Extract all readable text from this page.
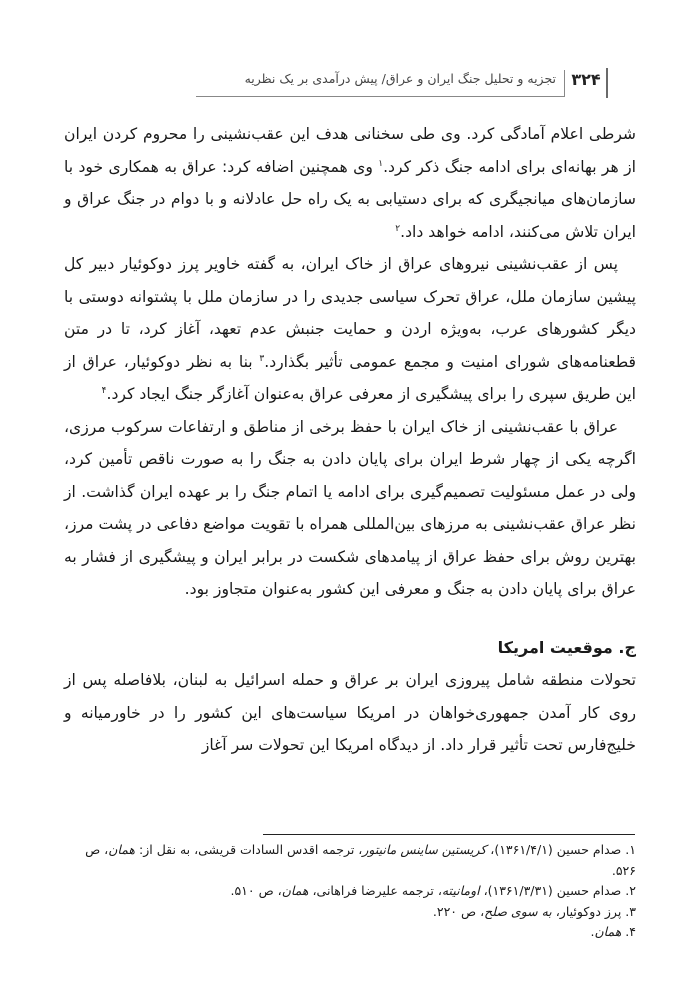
۳۲۴
تجزیه و تحلیل جنگ ایران و عراق/ پیش درآمدی بر یک نظریه

شرطی اعلام آمادگی کرد. وی طی سخنانی هدف این عقب‌نشینی را محروم کردن ایران از هر بهانه‌ای برای ادامه جنگ ذکر کرد.$^۱$ وی همچنین اضافه کرد: عراق به همکاری خود با سازمان‌های میانجیگری که برای دستیابی به یک راه حل عادلانه و با دوام در جنگ عراق و ایران تلاش می‌کنند، ادامه خواهد داد.$^۲$

پس از عقب‌نشینی نیروهای عراق از خاک ایران، به گفته خاویر پرز دوکوئیار دبیر کل پیشین سازمان ملل، عراق تحرک سیاسی جدیدی را در سازمان ملل با پشتوانه دوستی با دیگر کشورهای عرب، به‌ویژه اردن و حمایت جنبش عدم تعهد، آغاز کرد، تا در متن قطعنامه‌های شورای امنیت و مجمع عمومی تأثیر بگذارد.$^۳$ بنا به نظر دوکوئیار، عراق از این طریق سپری را برای پیشگیری از معرفی عراق به‌عنوان آغازگر جنگ ایجاد کرد.$^۴$

عراق با عقب‌نشینی از خاک ایران با حفظ برخی از مناطق و ارتفاعات سرکوب مرزی، اگرچه یکی از چهار شرط ایران برای پایان دادن به جنگ را به صورت ناقص تأمین کرد، ولی در عمل مسئولیت تصمیم‌گیری برای ادامه یا اتمام جنگ را بر عهده ایران گذاشت. از نظر عراق عقب‌نشینی به مرزهای بین‌المللی همراه با تقویت مواضع دفاعی در پشت مرز، بهترین روش برای حفظ عراق از پیامدهای شکست در برابر ایران و پیشگیری از فشار به عراق برای پایان دادن به جنگ و معرفی این کشور به‌عنوان متجاوز بود.

ج. موقعیت امریکا

تحولات منطقه شامل پیروزی ایران بر عراق و حمله اسرائیل به لبنان، بلافاصله پس از روی کار آمدن جمهوری‌خواهان در امریکا سیاست‌های این کشور را در خاورمیانه و خلیج‌فارس تحت تأثیر قرار داد. از دیدگاه امریکا این تحولات سر آغاز

۱. صدام حسین (۱۳۶۱/۴/۱)، کریستین ساینس مانیتور، ترجمه اقدس السادات قریشی، به نقل از: همان، ص ۵۲۶.

۲. صدام حسین (۱۳۶۱/۳/۳۱)، اومانیته، ترجمه علیرضا فراهانی، همان، ص ۵۱۰.

۳. پرز دوکوئیار، به سوی صلح، ص ۲۲۰.

۴. همان.
